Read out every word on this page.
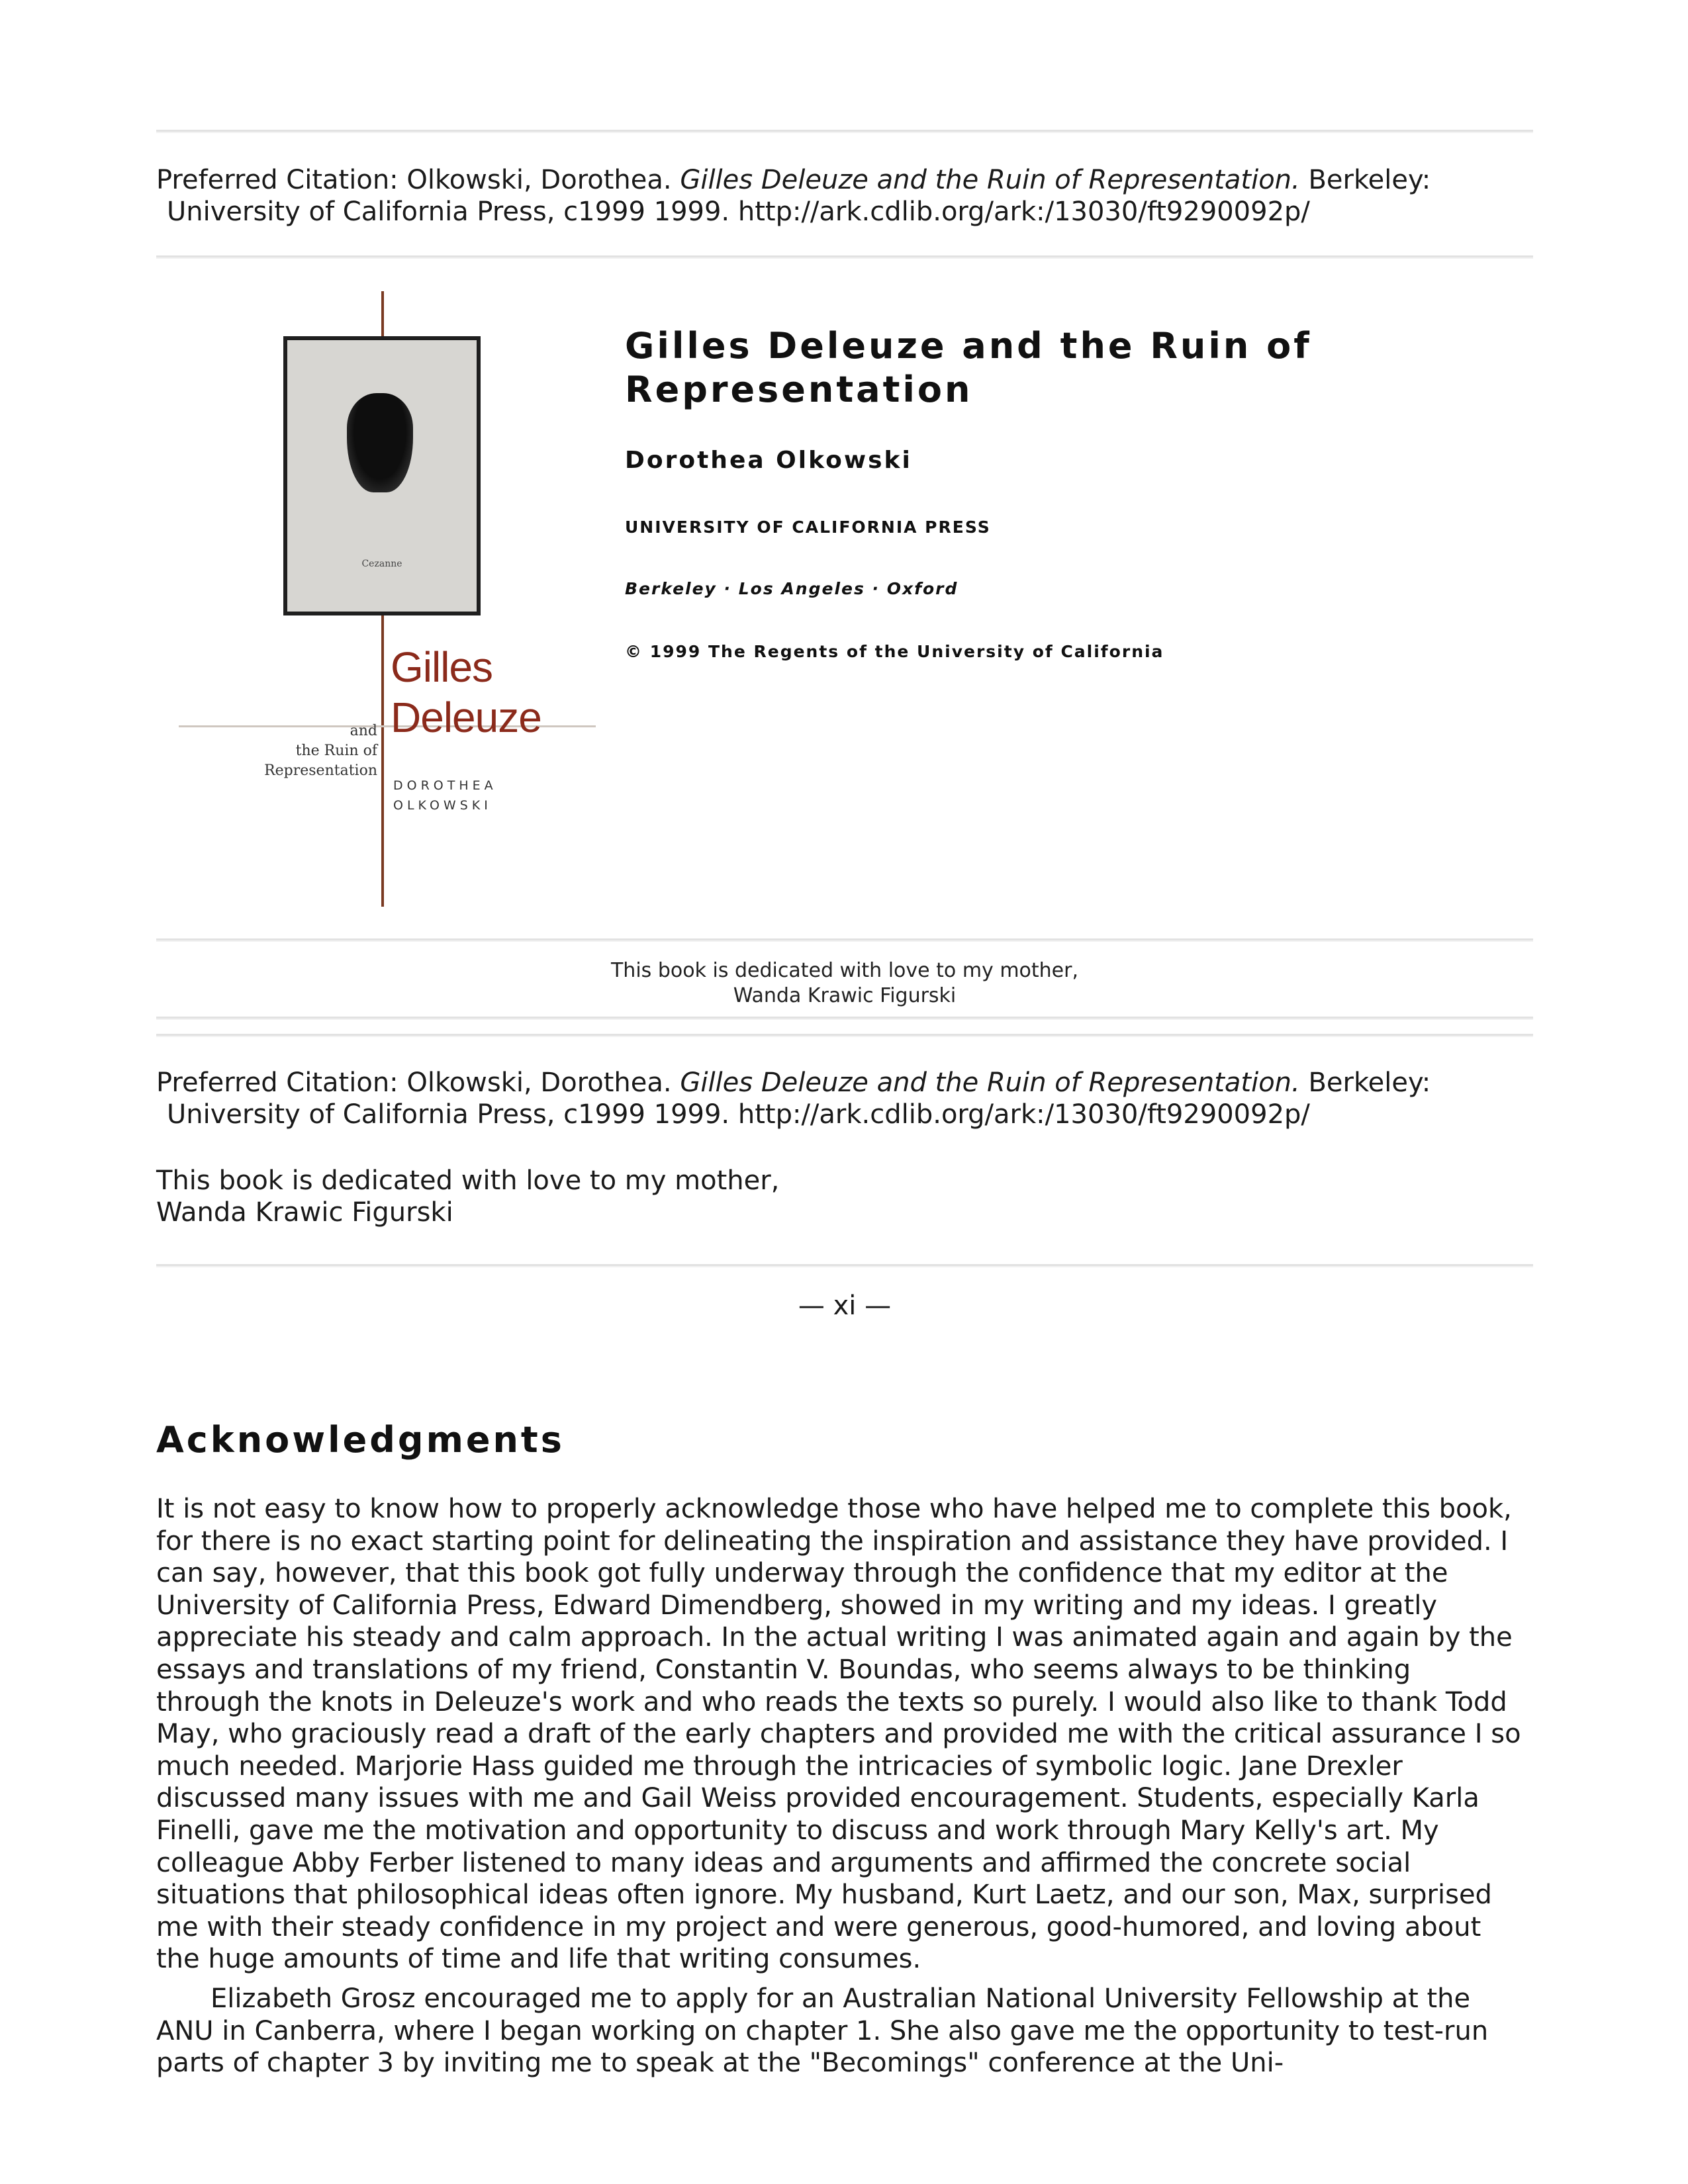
Preferred Citation: Olkowski, Dorothea. Gilles Deleuze and the Ruin of Representation. Berkeley:
University of California Press, c1999 1999. http://ark.cdlib.org/ark:/13030/ft9290092p/
Cezanne
Gilles
Deleuze
and
the Ruin of
Representation
DOROTHEA
OLKOWSKI
Gilles Deleuze and the Ruin of Representation
Dorothea Olkowski
UNIVERSITY OF CALIFORNIA PRESS
Berkeley · Los Angeles · Oxford
© 1999 The Regents of the University of California
This book is dedicated with love to my mother,
Wanda Krawic Figurski
Preferred Citation: Olkowski, Dorothea. Gilles Deleuze and the Ruin of Representation. Berkeley:
University of California Press, c1999 1999. http://ark.cdlib.org/ark:/13030/ft9290092p/
This book is dedicated with love to my mother,
Wanda Krawic Figurski
— xi —
Acknowledgments

It is not easy to know how to properly acknowledge those who have helped me to complete this book,
for there is no exact starting point for delineating the inspiration and assistance they have provided. I
can say, however, that this book got fully underway through the confidence that my editor at the
University of California Press, Edward Dimendberg, showed in my writing and my ideas. I greatly
appreciate his steady and calm approach. In the actual writing I was animated again and again by the
essays and translations of my friend, Constantin V. Boundas, who seems always to be thinking
through the knots in Deleuze's work and who reads the texts so purely. I would also like to thank Todd
May, who graciously read a draft of the early chapters and provided me with the critical assurance I so
much needed. Marjorie Hass guided me through the intricacies of symbolic logic. Jane Drexler
discussed many issues with me and Gail Weiss provided encouragement. Students, especially Karla
Finelli, gave me the motivation and opportunity to discuss and work through Mary Kelly's art. My
colleague Abby Ferber listened to many ideas and arguments and affirmed the concrete social
situations that philosophical ideas often ignore. My husband, Kurt Laetz, and our son, Max, surprised
me with their steady confidence in my project and were generous, good-humored, and loving about
the huge amounts of time and life that writing consumes.

Elizabeth Grosz encouraged me to apply for an Australian National University Fellowship at the
ANU in Canberra, where I began working on chapter 1. She also gave me the opportunity to test-run
parts of chapter 3 by inviting me to speak at the "Becomings" conference at the Uni-
